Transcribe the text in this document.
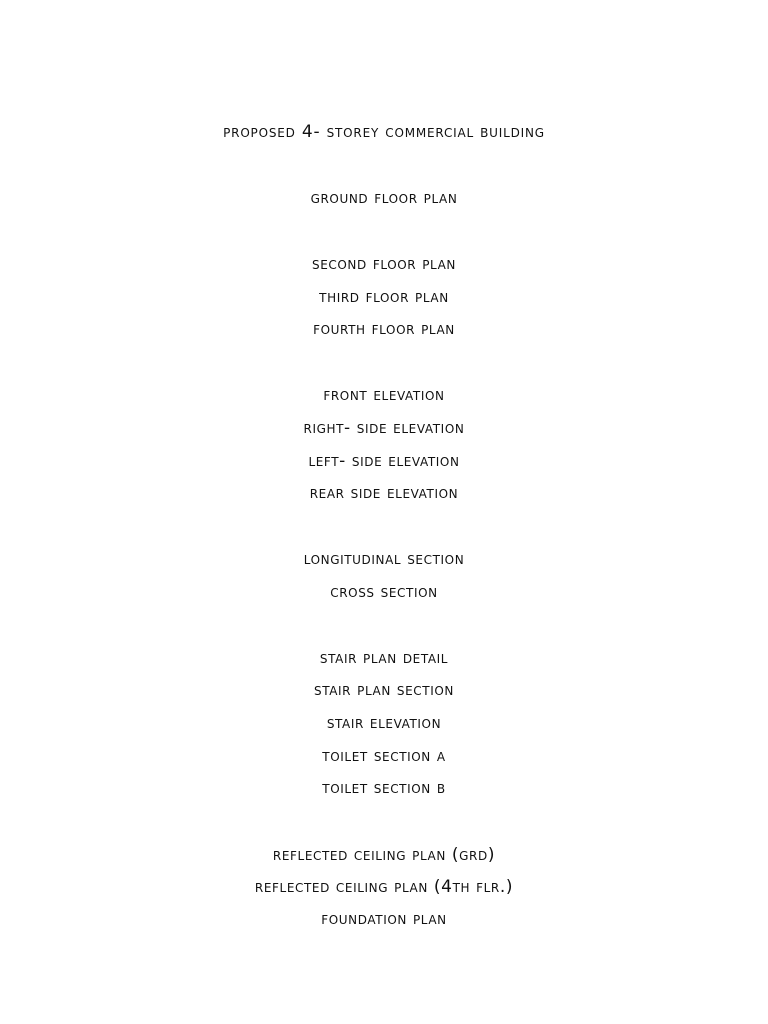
proposed 4- storey commercial building
ground floor plan
second floor plan
third floor plan
fourth floor plan
front elevation
right- side elevation
left- side elevation
rear side elevation
longitudinal section
cross section
stair plan detail
stair plan section
stair elevation
toilet section a
toilet section b
reflected ceiling plan (grd)
reflected ceiling plan (4th flr.)
foundation plan
